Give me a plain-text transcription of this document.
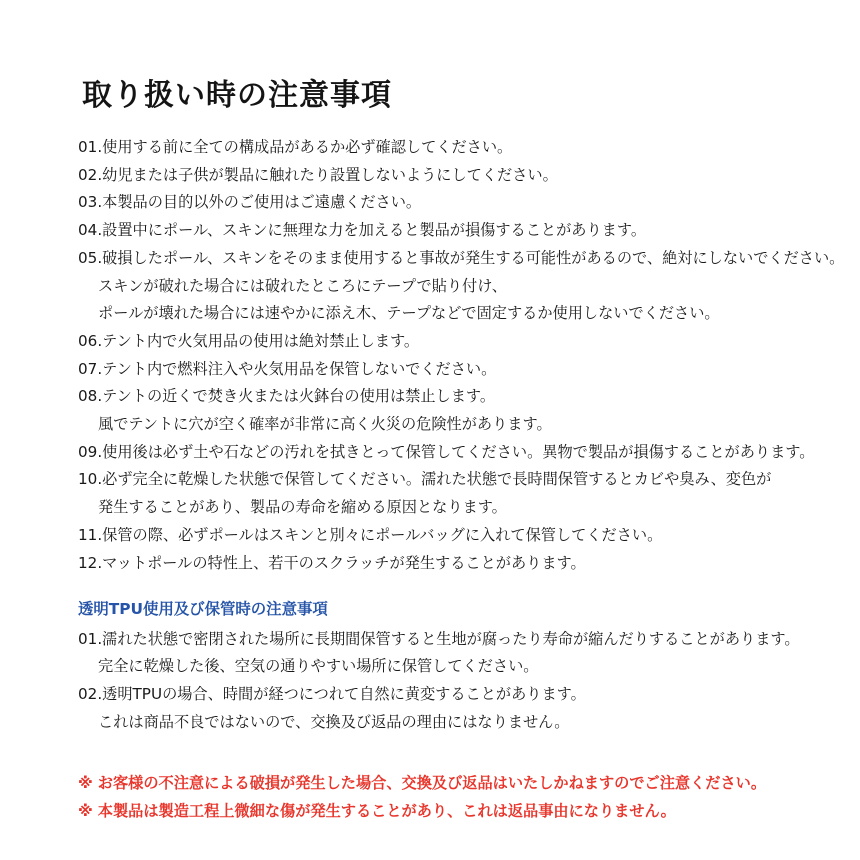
取り扱い時の注意事項
01.使用する前に全ての構成品があるか必ず確認してください。
02.幼児または子供が製品に触れたり設置しないようにしてください。
03.本製品の目的以外のご使用はご遠慮ください。
04.設置中にポール、スキンに無理な力を加えると製品が損傷することがあります。
05.破損したポール、スキンをそのまま使用すると事故が発生する可能性があるので、絶対にしないでください。
スキンが破れた場合には破れたところにテープで貼り付け、
ポールが壊れた場合には速やかに添え木、テープなどで固定するか使用しないでください。
06.テント内で火気用品の使用は絶対禁止します。
07.テント内で燃料注入や火気用品を保管しないでください。
08.テントの近くで焚き火または火鉢台の使用は禁止します。
風でテントに穴が空く確率が非常に高く火災の危険性があります。
09.使用後は必ず土や石などの汚れを拭きとって保管してください。異物で製品が損傷することがあります。
10.必ず完全に乾燥した状態で保管してください。濡れた状態で長時間保管するとカビや臭み、変色が
発生することがあり、製品の寿命を縮める原因となります。
11.保管の際、必ずポールはスキンと別々にポールバッグに入れて保管してください。
12.マットポールの特性上、若干のスクラッチが発生することがあります。
透明TPU使用及び保管時の注意事項
01.濡れた状態で密閉された場所に長期間保管すると生地が腐ったり寿命が縮んだりすることがあります。
完全に乾燥した後、空気の通りやすい場所に保管してください。
02.透明TPUの場合、時間が経つにつれて自然に黄変することがあります。
これは商品不良ではないので、交換及び返品の理由にはなりません。
※ お客様の不注意による破損が発生した場合、交換及び返品はいたしかねますのでご注意ください。
※ 本製品は製造工程上微細な傷が発生することがあり、これは返品事由になりません。
